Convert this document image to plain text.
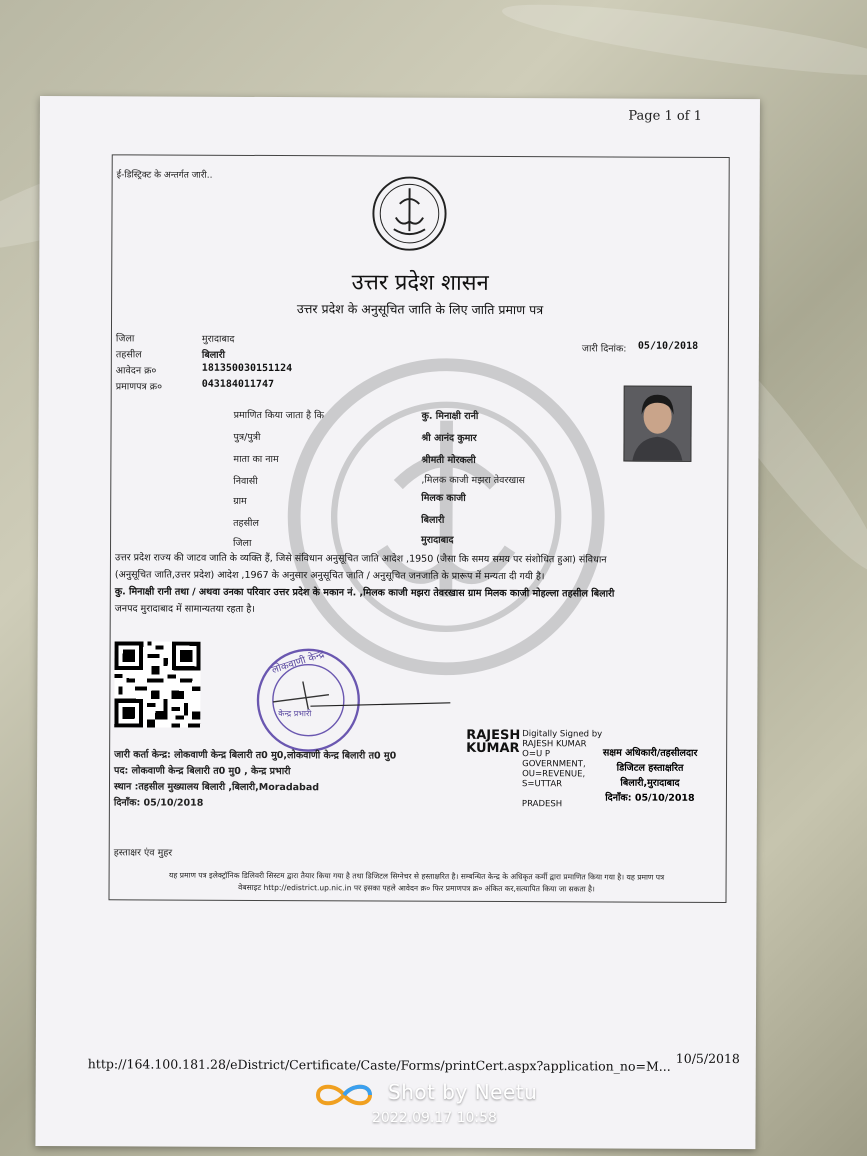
Page 1 of 1
ई-डिस्ट्रिक्ट के अन्तर्गत जारी..
उत्तर प्रदेश शासन
उत्तर प्रदेश के अनुसूचित जाति के लिए जाति प्रमाण पत्र
जिला	मुरादाबाद
तहसील	बिलारी
आवेदन क्र०	181350030151124
प्रमाणपत्र क्र०	043184011747
जारी दिनांक: 05/10/2018
प्रमाणित किया जाता है कि	कु. मिनाक्षी रानी
पुत्र/पुत्री	श्री आनंद कुमार
माता का नाम	श्रीमती मोरकली
निवासी	,मिलक काजी मझरा तेवरखास
ग्राम	मिलक काजी
तहसील	बिलारी
जिला	मुरादाबाद
उत्तर प्रदेश राज्य की जाटव जाति के व्यक्ति हैं, जिसे संविधान अनुसूचित जाति आदेश ,1950 (जैसा कि समय समय पर संशोधित हुआ) संविधान
(अनुसूचित जाति,उत्तर प्रदेश) आदेश ,1967 के अनुसार अनुसूचित जाति / अनुसूचित जनजाति के प्रारूप में मन्यता दी गयी है।
कु. मिनाक्षी रानी तथा / अथवा उनका परिवार उत्तर प्रदेश के मकान नं. ,मिलक काजी मझरा तेवरखास ग्राम मिलक काजी मोहल्ला तहसील बिलारी
जनपद मुरादाबाद में सामान्यतया रहता है।
लोकवाणी केन्द्र
केन्द्र प्रभारी
जारी कर्ता केन्द्र: लोकवाणी केन्द्र बिलारी त0 मु0,लोकवाणी केन्द्र बिलारी त0 मु0
पद: लोकवाणी केन्द्र बिलारी त0 मु0 , केन्द्र प्रभारी
स्थान :तहसील मुख्यालय बिलारी ,बिलारी,Moradabad
दिनाँक: 05/10/2018
RAJESH
KUMAR
Digitally Signed by
RAJESH KUMAR
O=U P
GOVERNMENT,
OU=REVENUE,
S=UTTAR
PRADESH
सक्षम अधिकारी/तहसीलदार
डिजिटल हस्ताक्षरित
बिलारी,मुरादाबाद
दिनाँक: 05/10/2018
हस्ताक्षर एंव मुहर
यह प्रमाण पत्र इलेक्ट्रॉनिक डिलिवरी सिस्टम द्वारा तैयार किया गया है तथा डिजिटल सिग्नेचर से हस्ताक्षरित है। सम्बन्धित केन्द्र के अधिकृत कर्मी द्वारा प्रमाणित किया गया है। यह प्रमाण पत्र
वेबसाइट http://edistrict.up.nic.in पर इसका पहले आवेदन क्र० फिर प्रमाणपत्र क्र० अंकित कर,सत्यापित किया जा सकता है।
http://164.100.181.28/eDistrict/Certificate/Caste/Forms/printCert.aspx?application_no=M... 10/5/2018
Shot by Neetu
2022.09.17 10:58
